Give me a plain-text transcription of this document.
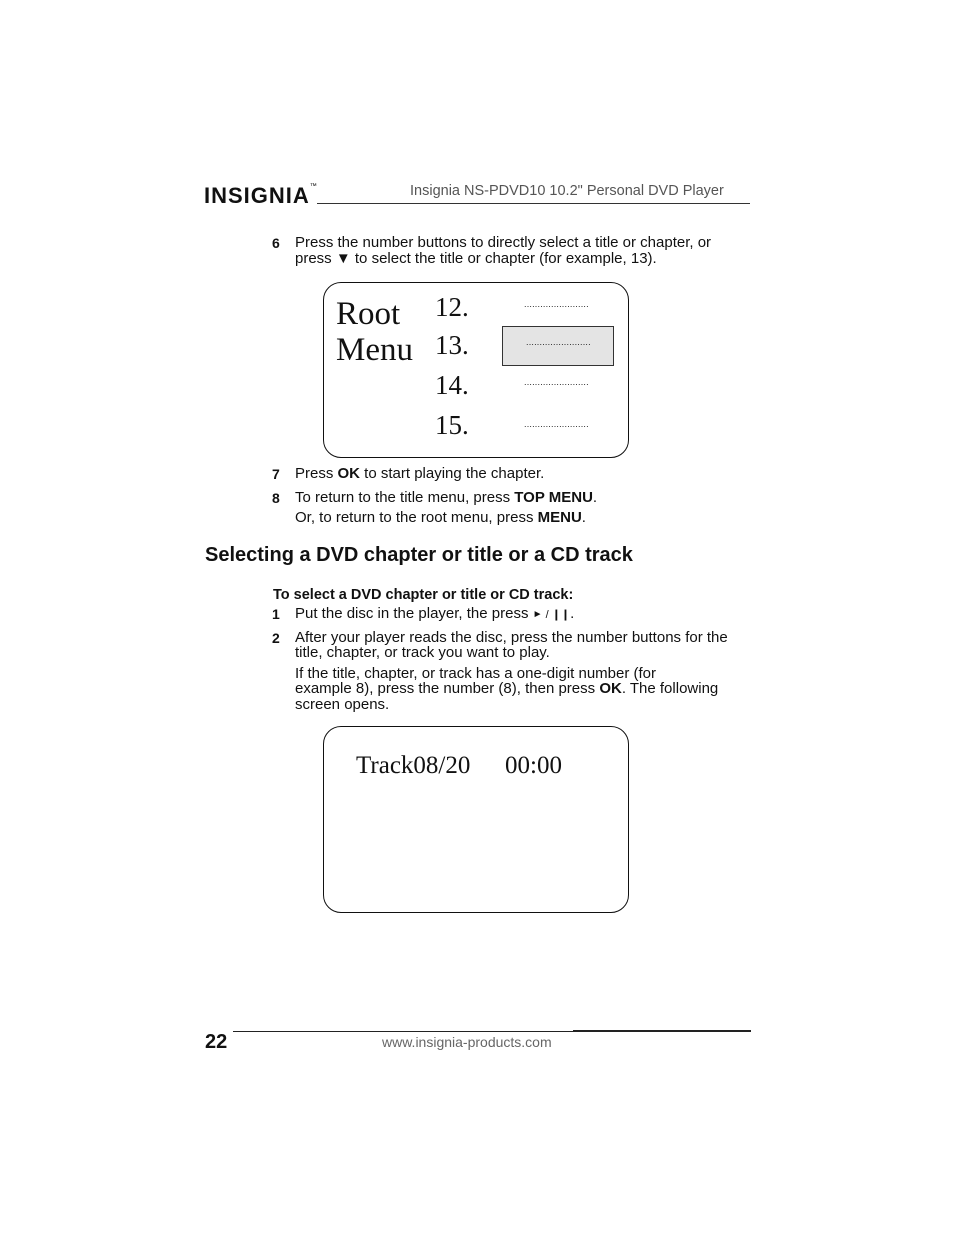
INSIGNIA™	Insignia NS-PDVD10 10.2" Personal DVD Player
6 Press the number buttons to directly select a title or chapter, or
press ▼ to select the title or chapter (for example, 13).
Root
Menu
12.
13.
14.
15.
........................
........................
........................
........................
7 Press OK to start playing the chapter.
8 To return to the title menu, press TOP MENU.
Or, to return to the root menu, press MENU.
Selecting a DVD chapter or title or a CD track
To select a DVD chapter or title or CD track:
1 Put the disc in the player, the press ► / ❙❙.
2 After your player reads the disc, press the number buttons for the
title, chapter, or track you want to play.
If the title, chapter, or track has a one-digit number (for
example 8), press the number (8), then press OK. The following
screen opens.
Track08/20 00:00
22	www.insignia-products.com
